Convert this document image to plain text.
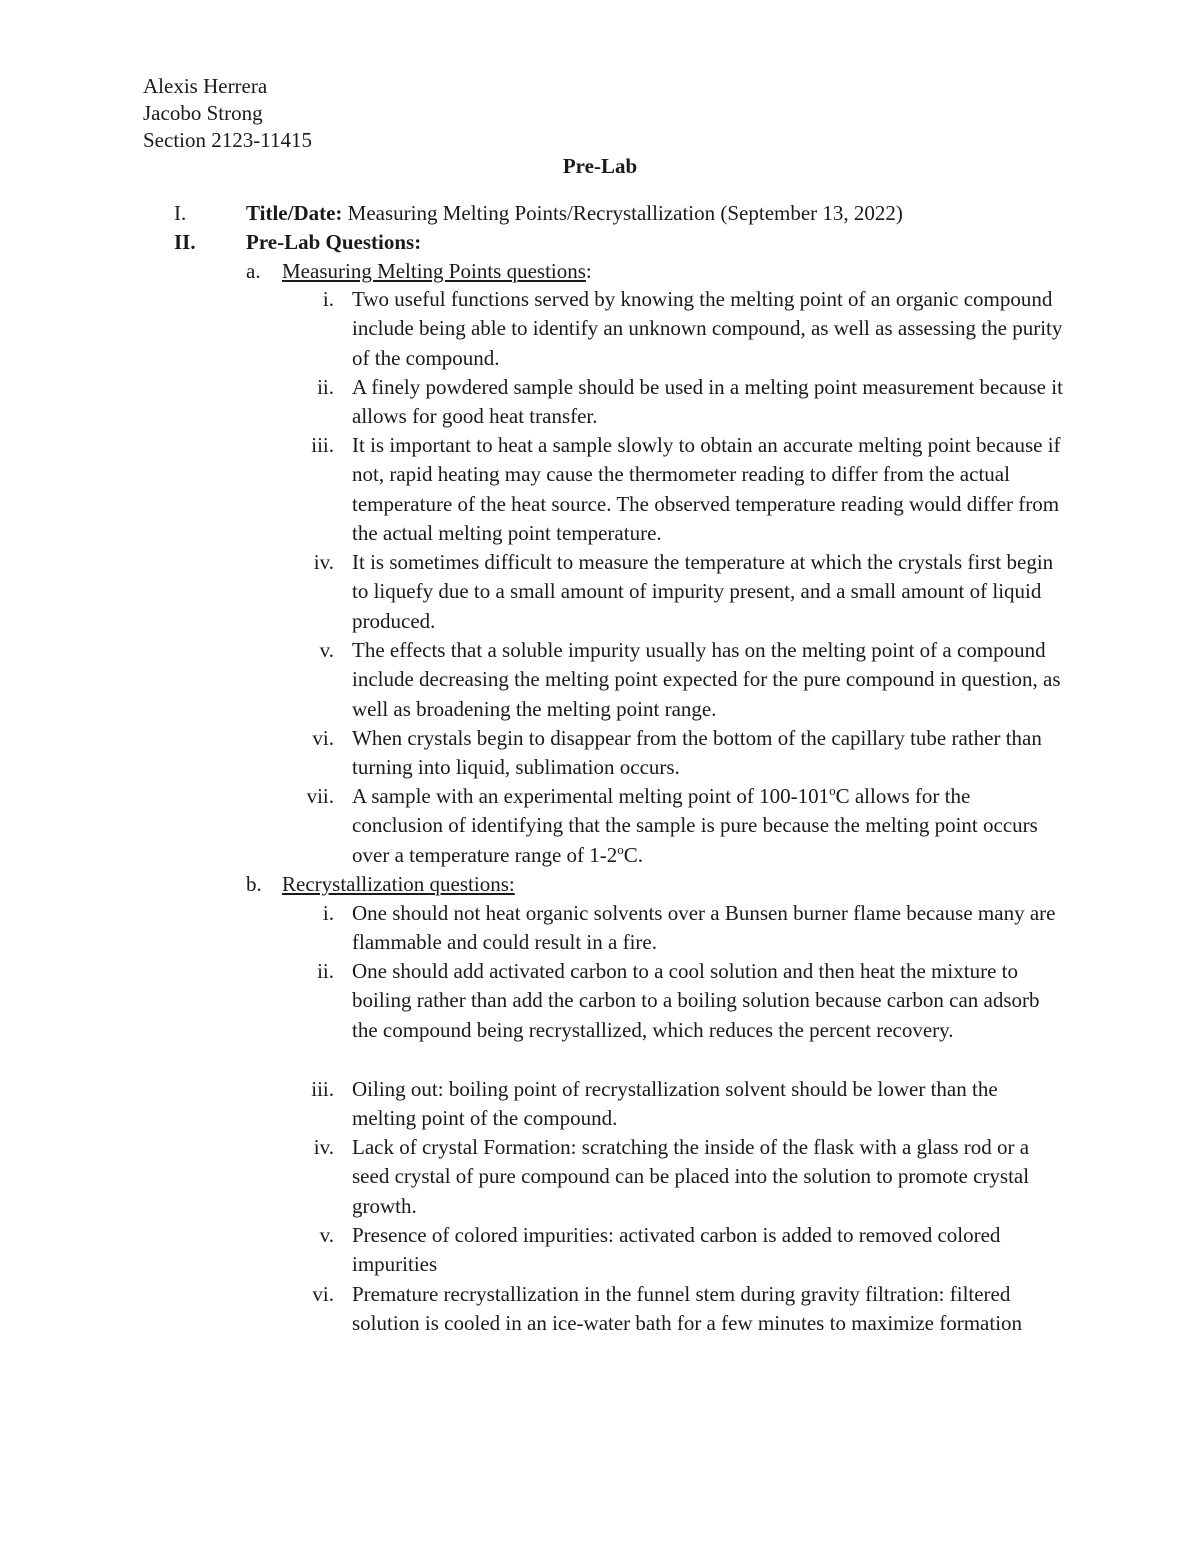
Alexis Herrera
Jacobo Strong
Section 2123-11415
Pre-Lab
I.	Title/Date: Measuring Melting Points/Recrystallization (September 13, 2022)
II. Pre-Lab Questions:
a. Measuring Melting Points questions:
i. Two useful functions served by knowing the melting point of an organic compound include being able to identify an unknown compound, as well as assessing the purity of the compound.
ii. A finely powdered sample should be used in a melting point measurement because it allows for good heat transfer.
iii. It is important to heat a sample slowly to obtain an accurate melting point because if not, rapid heating may cause the thermometer reading to differ from the actual temperature of the heat source. The observed temperature reading would differ from the actual melting point temperature.
iv. It is sometimes difficult to measure the temperature at which the crystals first begin to liquefy due to a small amount of impurity present, and a small amount of liquid produced.
v. The effects that a soluble impurity usually has on the melting point of a compound include decreasing the melting point expected for the pure compound in question, as well as broadening the melting point range.
vi. When crystals begin to disappear from the bottom of the capillary tube rather than turning into liquid, sublimation occurs.
vii. A sample with an experimental melting point of 100-101$^o$C allows for the conclusion of identifying that the sample is pure because the melting point occurs over a temperature range of 1-2$^o$C.
b. Recrystallization questions:
i. One should not heat organic solvents over a Bunsen burner flame because many are flammable and could result in a fire.
ii. One should add activated carbon to a cool solution and then heat the mixture to boiling rather than add the carbon to a boiling solution because carbon can adsorb the compound being recrystallized, which reduces the percent recovery.
iii. Oiling out: boiling point of recrystallization solvent should be lower than the melting point of the compound.
iv. Lack of crystal Formation: scratching the inside of the flask with a glass rod or a seed crystal of pure compound can be placed into the solution to promote crystal growth.
v. Presence of colored impurities: activated carbon is added to removed colored impurities
vi. Premature recrystallization in the funnel stem during gravity filtration: filtered solution is cooled in an ice-water bath for a few minutes to maximize formation
